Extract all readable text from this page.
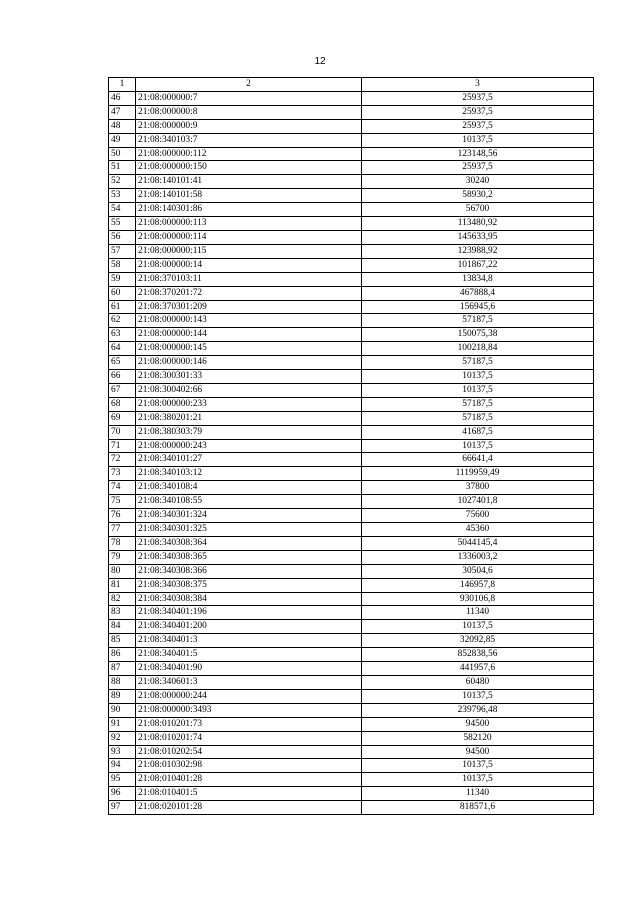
12
1	2	3
46	21:08:000000:7	25937,5
47	21:08:000000:8	25937,5
48	21:08:000000:9	25937,5
49	21:08:340103:7	10137,5
50	21:08:000000:112	123148,56
51	21:08:000000:150	25937,5
52	21:08:140101:41	30240
53	21:08:140101:58	58930,2
54	21:08:140301:86	56700
55	21:08:000000:113	113480,92
56	21:08:000000:114	145633,95
57	21:08:000000:115	123988,92
58	21:08:000000:14	101867,22
59	21:08:370103:11	13834,8
60	21:08:370201:72	467888,4
61	21:08:370301:209	156945,6
62	21:08:000000:143	57187,5
63	21:08:000000:144	150075,38
64	21:08:000000:145	100218,84
65	21:08:000000:146	57187,5
66	21:08:300301:33	10137,5
67	21:08:300402:66	10137,5
68	21:08:000000:233	57187,5
69	21:08:380201:21	57187,5
70	21:08:380303:79	41687,5
71	21:08:000000:243	10137,5
72	21:08:340101:27	66641,4
73	21:08:340103:12	1119959,49
74	21:08:340108:4	37800
75	21:08:340108:55	1027401,8
76	21:08:340301:324	75600
77	21:08:340301:325	45360
78	21:08:340308:364	5044145,4
79	21:08:340308:365	1336003,2
80	21:08:340308:366	30504,6
81	21:08:340308:375	146957,8
82	21:08:340308:384	930106,8
83	21:08:340401:196	11340
84	21:08:340401:200	10137,5
85	21:08:340401:3	32092,85
86	21:08:340401:5	852838,56
87	21:08:340401:90	441957,6
88	21:08:340601:3	60480
89	21:08:000000:244	10137,5
90	21:08:000000:3493	239796,48
91	21:08:010201:73	94500
92	21:08:010201:74	582120
93	21:08:010202:54	94500
94	21:08:010302:98	10137,5
95	21:08:010401:28	10137,5
96	21:08:010401:5	11340
97	21:08:020101:28	818571,6
